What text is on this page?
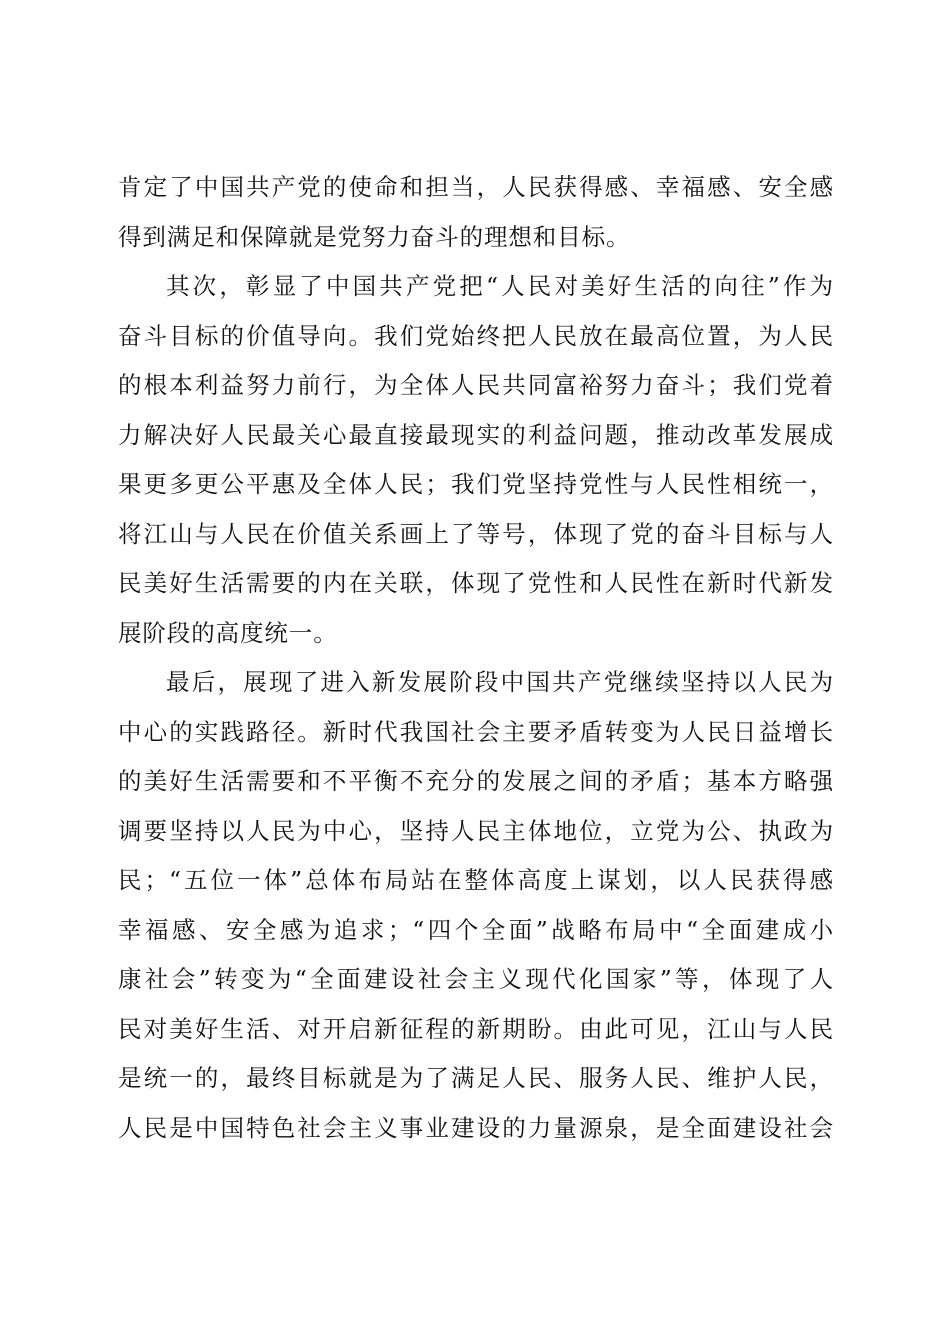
肯定了中国共产党的使命和担当，人民获得感、幸福感、安全感
得到满足和保障就是党努力奋斗的理想和目标。
其次，彰显了中国共产党把“人民对美好生活的向往”作为
奋斗目标的价值导向。我们党始终把人民放在最高位置，为人民
的根本利益努力前行，为全体人民共同富裕努力奋斗；我们党着
力解决好人民最关心最直接最现实的利益问题，推动改革发展成
果更多更公平惠及全体人民；我们党坚持党性与人民性相统一，
将江山与人民在价值关系画上了等号，体现了党的奋斗目标与人
民美好生活需要的内在关联，体现了党性和人民性在新时代新发
展阶段的高度统一。
最后，展现了进入新发展阶段中国共产党继续坚持以人民为
中心的实践路径。新时代我国社会主要矛盾转变为人民日益增长
的美好生活需要和不平衡不充分的发展之间的矛盾；基本方略强
调要坚持以人民为中心，坚持人民主体地位，立党为公、执政为
民；“五位一体”总体布局站在整体高度上谋划，以人民获得感
幸福感、安全感为追求；“四个全面”战略布局中“全面建成小
康社会”转变为“全面建设社会主义现代化国家”等，体现了人
民对美好生活、对开启新征程的新期盼。由此可见，江山与人民
是统一的，最终目标就是为了满足人民、服务人民、维护人民，
人民是中国特色社会主义事业建设的力量源泉，是全面建设社会
